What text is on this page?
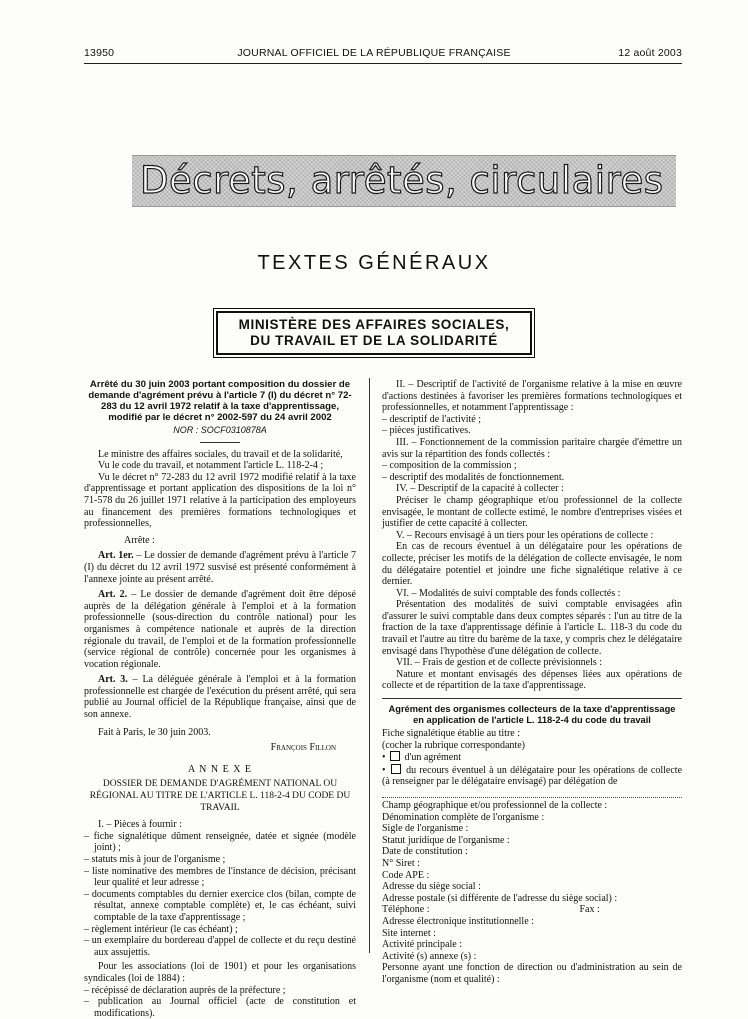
13950	JOURNAL OFFICIEL DE LA RÉPUBLIQUE FRANÇAISE	12 août 2003
Décrets, arrêtés, circulaires
TEXTES GÉNÉRAUX
MINISTÈRE DES AFFAIRES SOCIALES,
DU TRAVAIL ET DE LA SOLIDARITÉ

Arrêté du 30 juin 2003 portant composition du dossier de demande d'agrément prévu à l'article 7 (I) du décret n° 72-283 du 12 avril 1972 relatif à la taxe d'apprentissage, modifié par le décret n° 2002-597 du 24 avril 2002

NOR : SOCF0310878A

Le ministre des affaires sociales, du travail et de la solidarité,

Vu le code du travail, et notamment l'article L. 118-2-4 ;

Vu le décret n° 72-283 du 12 avril 1972 modifié relatif à la taxe d'apprentissage et portant application des dispositions de la loi n° 71-578 du 26 juillet 1971 relative à la participation des employeurs au financement des premières formations technologiques et professionnelles,

Arrête :

Art. 1er. – Le dossier de demande d'agrément prévu à l'article 7 (I) du décret du 12 avril 1972 susvisé est présenté conformément à l'annexe jointe au présent arrêté.

Art. 2. – Le dossier de demande d'agrément doit être déposé auprès de la délégation générale à l'emploi et à la formation professionnelle (sous-direction du contrôle national) pour les organismes à compétence nationale et auprès de la direction régionale du travail, de l'emploi et de la formation professionnelle (service régional de contrôle) concernée pour les organismes à vocation régionale.

Art. 3. – La déléguée générale à l'emploi et à la formation professionnelle est chargée de l'exécution du présent arrêté, qui sera publié au Journal officiel de la République française, ainsi que de son annexe.

Fait à Paris, le 30 juin 2003.

François Fillon

A N N E X E

DOSSIER DE DEMANDE D'AGRÉMENT NATIONAL OU RÉGIONAL AU TITRE DE L'ARTICLE L. 118-2-4 DU CODE DU TRAVAIL

I. – Pièces à fournir :

– fiche signalétique dûment renseignée, datée et signée (modèle joint) ;

– statuts mis à jour de l'organisme ;

– liste nominative des membres de l'instance de décision, précisant leur qualité et leur adresse ;

– documents comptables du dernier exercice clos (bilan, compte de résultat, annexe comptable complète) et, le cas échéant, suivi comptable de la taxe d'apprentissage ;

– règlement intérieur (le cas échéant) ;

– un exemplaire du bordereau d'appel de collecte et du reçu destiné aux assujettis.

Pour les associations (loi de 1901) et pour les organisations syndicales (loi de 1884) :

– récépissé de déclaration auprès de la préfecture ;

– publication au Journal officiel (acte de constitution et modifications).

II. – Descriptif de l'activité de l'organisme relative à la mise en œuvre d'actions destinées à favoriser les premières formations technologiques et professionnelles, et notamment l'apprentissage :

– descriptif de l'activité ;

– pièces justificatives.

III. – Fonctionnement de la commission paritaire chargée d'émettre un avis sur la répartition des fonds collectés :

– composition de la commission ;

– descriptif des modalités de fonctionnement.

IV. – Descriptif de la capacité à collecter :

Préciser le champ géographique et/ou professionnel de la collecte envisagée, le montant de collecte estimé, le nombre d'entreprises visées et justifier de cette capacité à collecter.

V. – Recours envisagé à un tiers pour les opérations de collecte :

En cas de recours éventuel à un délégataire pour les opérations de collecte, préciser les motifs de la délégation de collecte envisagée, le nom du délégataire potentiel et joindre une fiche signalétique relative à ce dernier.

VI. – Modalités de suivi comptable des fonds collectés :

Présentation des modalités de suivi comptable envisagées afin d'assurer le suivi comptable dans deux comptes séparés : l'un au titre de la fraction de la taxe d'apprentissage définie à l'article L. 118-3 du code du travail et l'autre au titre du barème de la taxe, y compris chez le délégataire envisagé dans l'hypothèse d'une délégation de collecte.

VII. – Frais de gestion et de collecte prévisionnels :

Nature et montant envisagés des dépenses liées aux opérations de collecte et de répartition de la taxe d'apprentissage.

Agrément des organismes collecteurs de la taxe d'apprentissage en application de l'article L. 118-2-4 du code du travail

Fiche signalétique établie au titre :

(cocher la rubrique correspondante)

•  d'un agrément

•  du recours éventuel à un délégataire pour les opérations de collecte (à renseigner par le délégataire envisagé) par délégation de

Champ géographique et/ou professionnel de la collecte :

Dénomination complète de l'organisme :

Sigle de l'organisme :

Statut juridique de l'organisme :

Date de constitution :

N° Siret :

Code APE :

Adresse du siège social :

Adresse postale (si différente de l'adresse du siège social) :

Téléphone :	Fax :

Adresse électronique institutionnelle :

Site internet :

Activité principale :

Activité (s) annexe (s) :

Personne ayant une fonction de direction ou d'administration au sein de l'organisme (nom et qualité) :
